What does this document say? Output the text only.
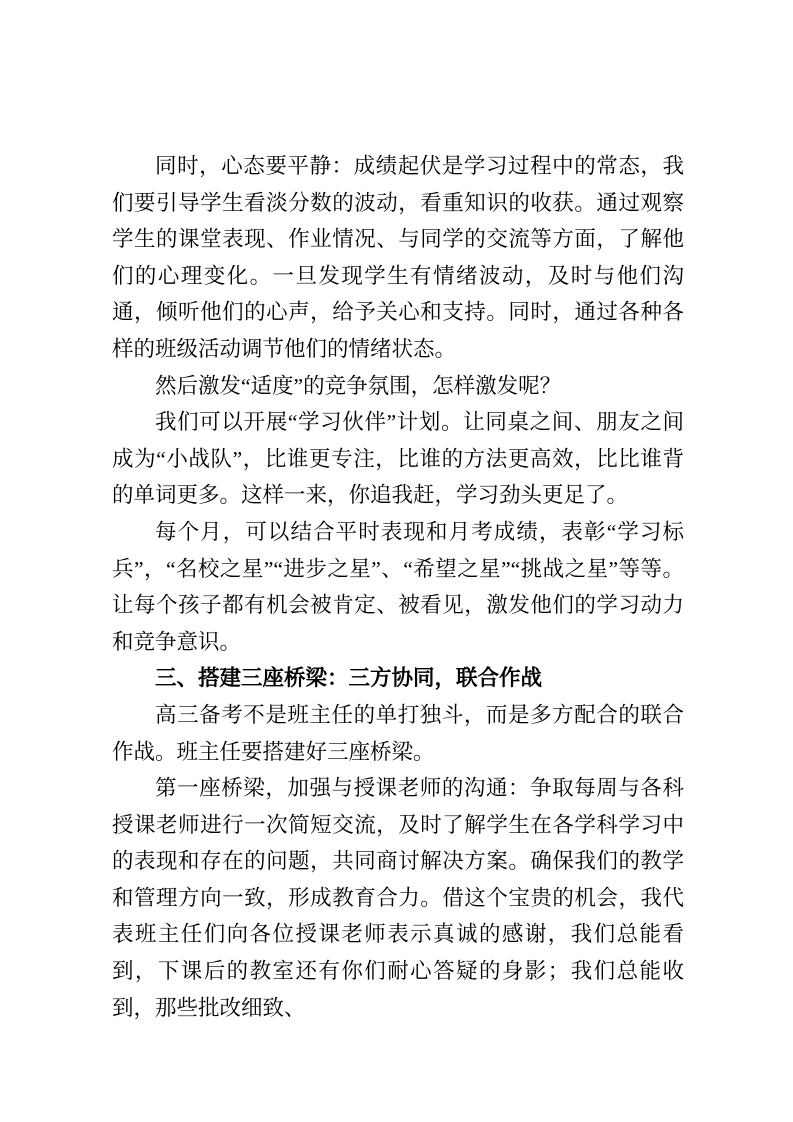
同时，心态要平静：成绩起伏是学习过程中的常态，我们要引导学生看淡分数的波动，看重知识的收获。通过观察学生的课堂表现、作业情况、与同学的交流等方面，了解他们的心理变化。一旦发现学生有情绪波动，及时与他们沟通，倾听他们的心声，给予关心和支持。同时，通过各种各样的班级活动调节他们的情绪状态。

然后激发“适度”的竞争氛围，怎样激发呢？

我们可以开展“学习伙伴”计划。让同桌之间、朋友之间成为“小战队”，比谁更专注，比谁的方法更高效，比比谁背的单词更多。这样一来，你追我赶，学习劲头更足了。

每个月，可以结合平时表现和月考成绩，表彰“学习标兵”，“名校之星”“进步之星”、“希望之星”“挑战之星”等等。让每个孩子都有机会被肯定、被看见，激发他们的学习动力和竞争意识。

三、搭建三座桥梁：三方协同，联合作战

高三备考不是班主任的单打独斗，而是多方配合的联合作战。班主任要搭建好三座桥梁。

第一座桥梁，加强与授课老师的沟通：争取每周与各科授课老师进行一次简短交流，及时了解学生在各学科学习中的表现和存在的问题，共同商讨解决方案。确保我们的教学和管理方向一致，形成教育合力。借这个宝贵的机会，我代表班主任们向各位授课老师表示真诚的感谢，我们总能看到，下课后的教室还有你们耐心答疑的身影；我们总能收到，那些批改细致、
